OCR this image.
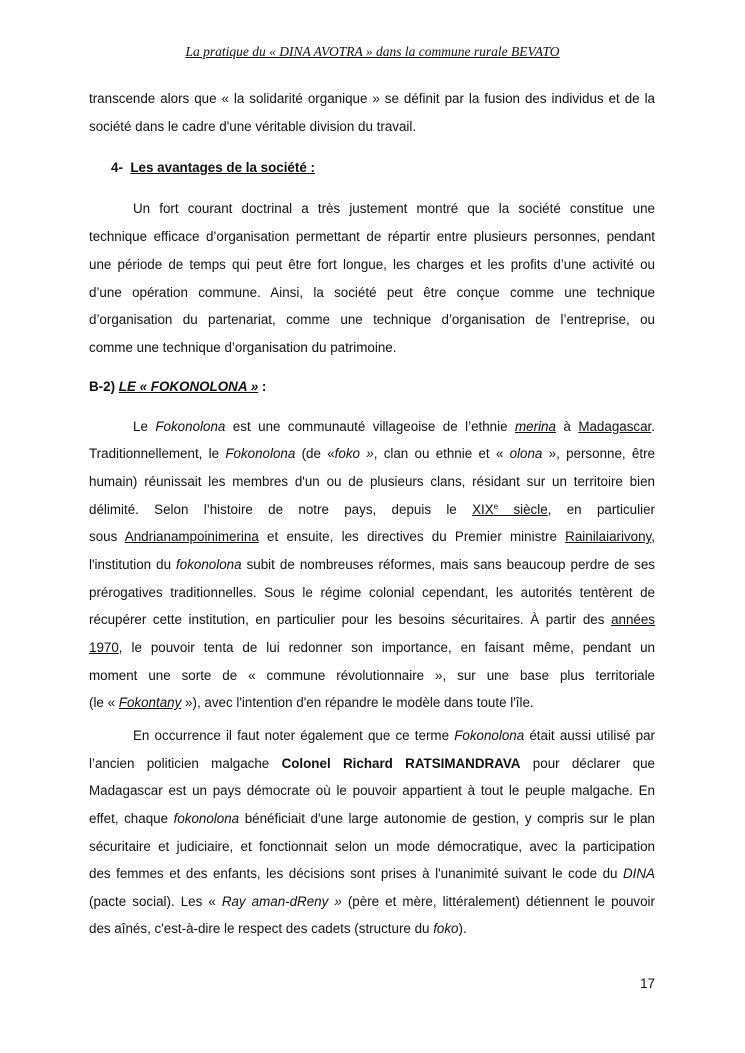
La pratique du « DINA AVOTRA » dans la commune rurale BEVATO
transcende alors que « la solidarité organique » se définit par la fusion des individus et de la
société dans le cadre d'une véritable division du travail.
4- Les avantages de la société :
Un fort courant doctrinal a très justement montré que la société constitue une
technique efficace d’organisation permettant de répartir entre plusieurs personnes, pendant
une période de temps qui peut être fort longue, les charges et les profits d’une activité ou
d’une opération commune. Ainsi, la société peut être conçue comme une technique
d’organisation du partenariat, comme une technique d’organisation de l’entreprise, ou
comme une technique d’organisation du patrimoine.
B-2) LE « FOKONOLONA » :
Le Fokonolona est une communauté villageoise de l’ethnie merina à Madagascar.
Traditionnellement, le Fokonolona (de «foko », clan ou ethnie et « olona », personne, être
humain) réunissait les membres d'un ou de plusieurs clans, résidant sur un territoire bien
délimité. Selon l’histoire de notre pays, depuis le XIXe siècle, en particulier
sous Andrianampoinimerina et ensuite, les directives du Premier ministre Rainilaiarivony,
l'institution du fokonolona subit de nombreuses réformes, mais sans beaucoup perdre de ses
prérogatives traditionnelles. Sous le régime colonial cependant, les autorités tentèrent de
récupérer cette institution, en particulier pour les besoins sécuritaires. À partir des années
1970, le pouvoir tenta de lui redonner son importance, en faisant même, pendant un
moment une sorte de « commune révolutionnaire », sur une base plus territoriale
(le « Fokontany »), avec l'intention d'en répandre le modèle dans toute l'île.
En occurrence il faut noter également que ce terme Fokonolona était aussi utilisé par
l’ancien politicien malgache Colonel Richard RATSIMANDRAVA pour déclarer que
Madagascar est un pays démocrate où le pouvoir appartient à tout le peuple malgache. En
effet, chaque fokonolona bénéficiait d'une large autonomie de gestion, y compris sur le plan
sécuritaire et judiciaire, et fonctionnait selon un mode démocratique, avec la participation
des femmes et des enfants, les décisions sont prises à l'unanimité suivant le code du DINA
(pacte social). Les « Ray aman-dReny » (père et mère, littéralement) détiennent le pouvoir
des aînés, c'est-à-dire le respect des cadets (structure du foko).
17
